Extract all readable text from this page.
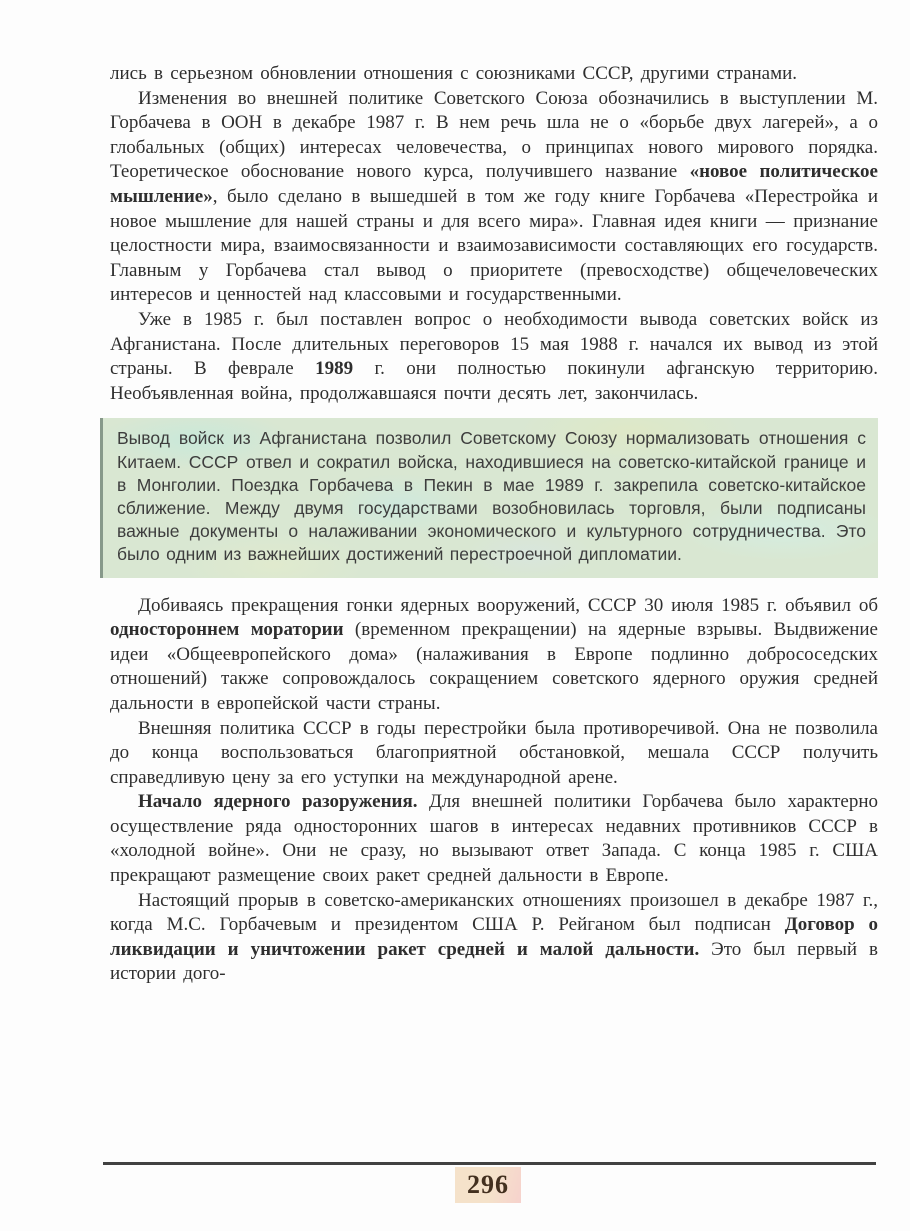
лись в серьезном обновлении отношения с союзниками СССР, другими странами.

Изменения во внешней политике Советского Союза обозначились в выступлении М. Горбачева в ООН в декабре 1987 г. В нем речь шла не о «борьбе двух лагерей», а о глобальных (общих) интересах человечества, о принципах нового мирового порядка. Теоретическое обоснование нового курса, получившего название «новое политическое мышление», было сделано в вышедшей в том же году книге Горбачева «Перестройка и новое мышление для нашей страны и для всего мира». Главная идея книги — признание целостности мира, взаимосвязанности и взаимозависимости составляющих его государств. Главным у Горбачева стал вывод о приоритете (превосходстве) общечеловеческих интересов и ценностей над классовыми и государственными.

Уже в 1985 г. был поставлен вопрос о необходимости вывода советских войск из Афганистана. После длительных переговоров 15 мая 1988 г. начался их вывод из этой страны. В феврале 1989 г. они полностью покинули афганскую территорию. Необъявленная война, продолжавшаяся почти десять лет, закончилась.

Вывод войск из Афганистана позволил Советскому Союзу нормализовать отношения с Китаем. СССР отвел и сократил войска, находившиеся на советско-китайской границе и в Монголии. Поездка Горбачева в Пекин в мае 1989 г. закрепила советско-китайское сближение. Между двумя государствами возобновилась торговля, были подписаны важные документы о налаживании экономического и культурного сотрудничества. Это было одним из важнейших достижений перестроечной дипломатии.

Добиваясь прекращения гонки ядерных вооружений, СССР 30 июля 1985 г. объявил об одностороннем моратории (временном прекращении) на ядерные взрывы. Выдвижение идеи «Общеевропейского дома» (налаживания в Европе подлинно добрососедских отношений) также сопровождалось сокращением советского ядерного оружия средней дальности в европейской части страны.

Внешняя политика СССР в годы перестройки была противоречивой. Она не позволила до конца воспользоваться благоприятной обстановкой, мешала СССР получить справедливую цену за его уступки на международной арене.

Начало ядерного разоружения. Для внешней политики Горбачева было характерно осуществление ряда односторонних шагов в интересах недавних противников СССР в «холодной войне». Они не сразу, но вызывают ответ Запада. С конца 1985 г. США прекращают размещение своих ракет средней дальности в Европе.

Настоящий прорыв в советско-американских отношениях произошел в декабре 1987 г., когда М.С. Горбачевым и президентом США Р. Рейганом был подписан Договор о ликвидации и уничтожении ракет средней и малой дальности. Это был первый в истории дого-

296
